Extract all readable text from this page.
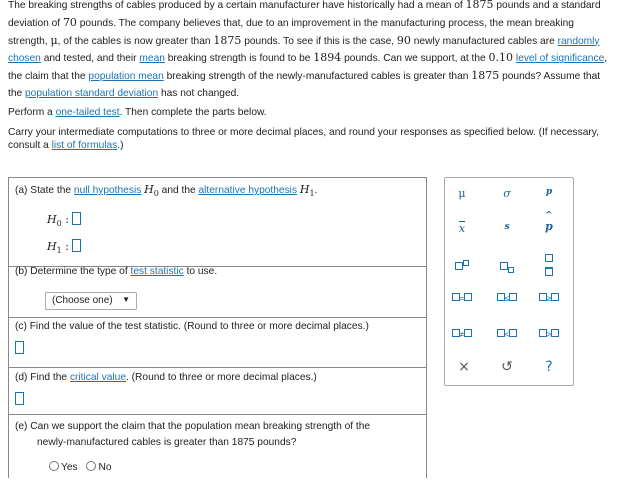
The breaking strengths of cables produced by a certain manufacturer have historically had a mean of 1875 pounds and a standard deviation of 70 pounds. The company believes that, due to an improvement in the manufacturing process, the mean breaking strength, μ, of the cables is now greater than 1875 pounds. To see if this is the case, 90 newly manufactured cables are randomly chosen and tested, and their mean breaking strength is found to be 1894 pounds. Can we support, at the 0.10 level of significance, the claim that the population mean breaking strength of the newly-manufactured cables is greater than 1875 pounds? Assume that the population standard deviation has not changed.
Perform a one-tailed test. Then complete the parts below.
Carry your intermediate computations to three or more decimal places, and round your responses as specified below. (If necessary, consult a list of formulas.)
(a) State the null hypothesis $H_0$ and the alternative hypothesis $H_1$.
$H_0$ :
$H_1$ :
(b) Determine the type of test statistic to use.
(Choose one) ▼
(c) Find the value of the test statistic. (Round to three or more decimal places.)
(d) Find the critical value. (Round to three or more decimal places.)
(e) Can we support the claim that the population mean breaking strength of the
newly-manufactured cables is greater than 1875 pounds?
Yes No
μ	σ	p
$\overline{x}$	s
^
p

=	≤	≥
≠	<	>
×	↺	?
